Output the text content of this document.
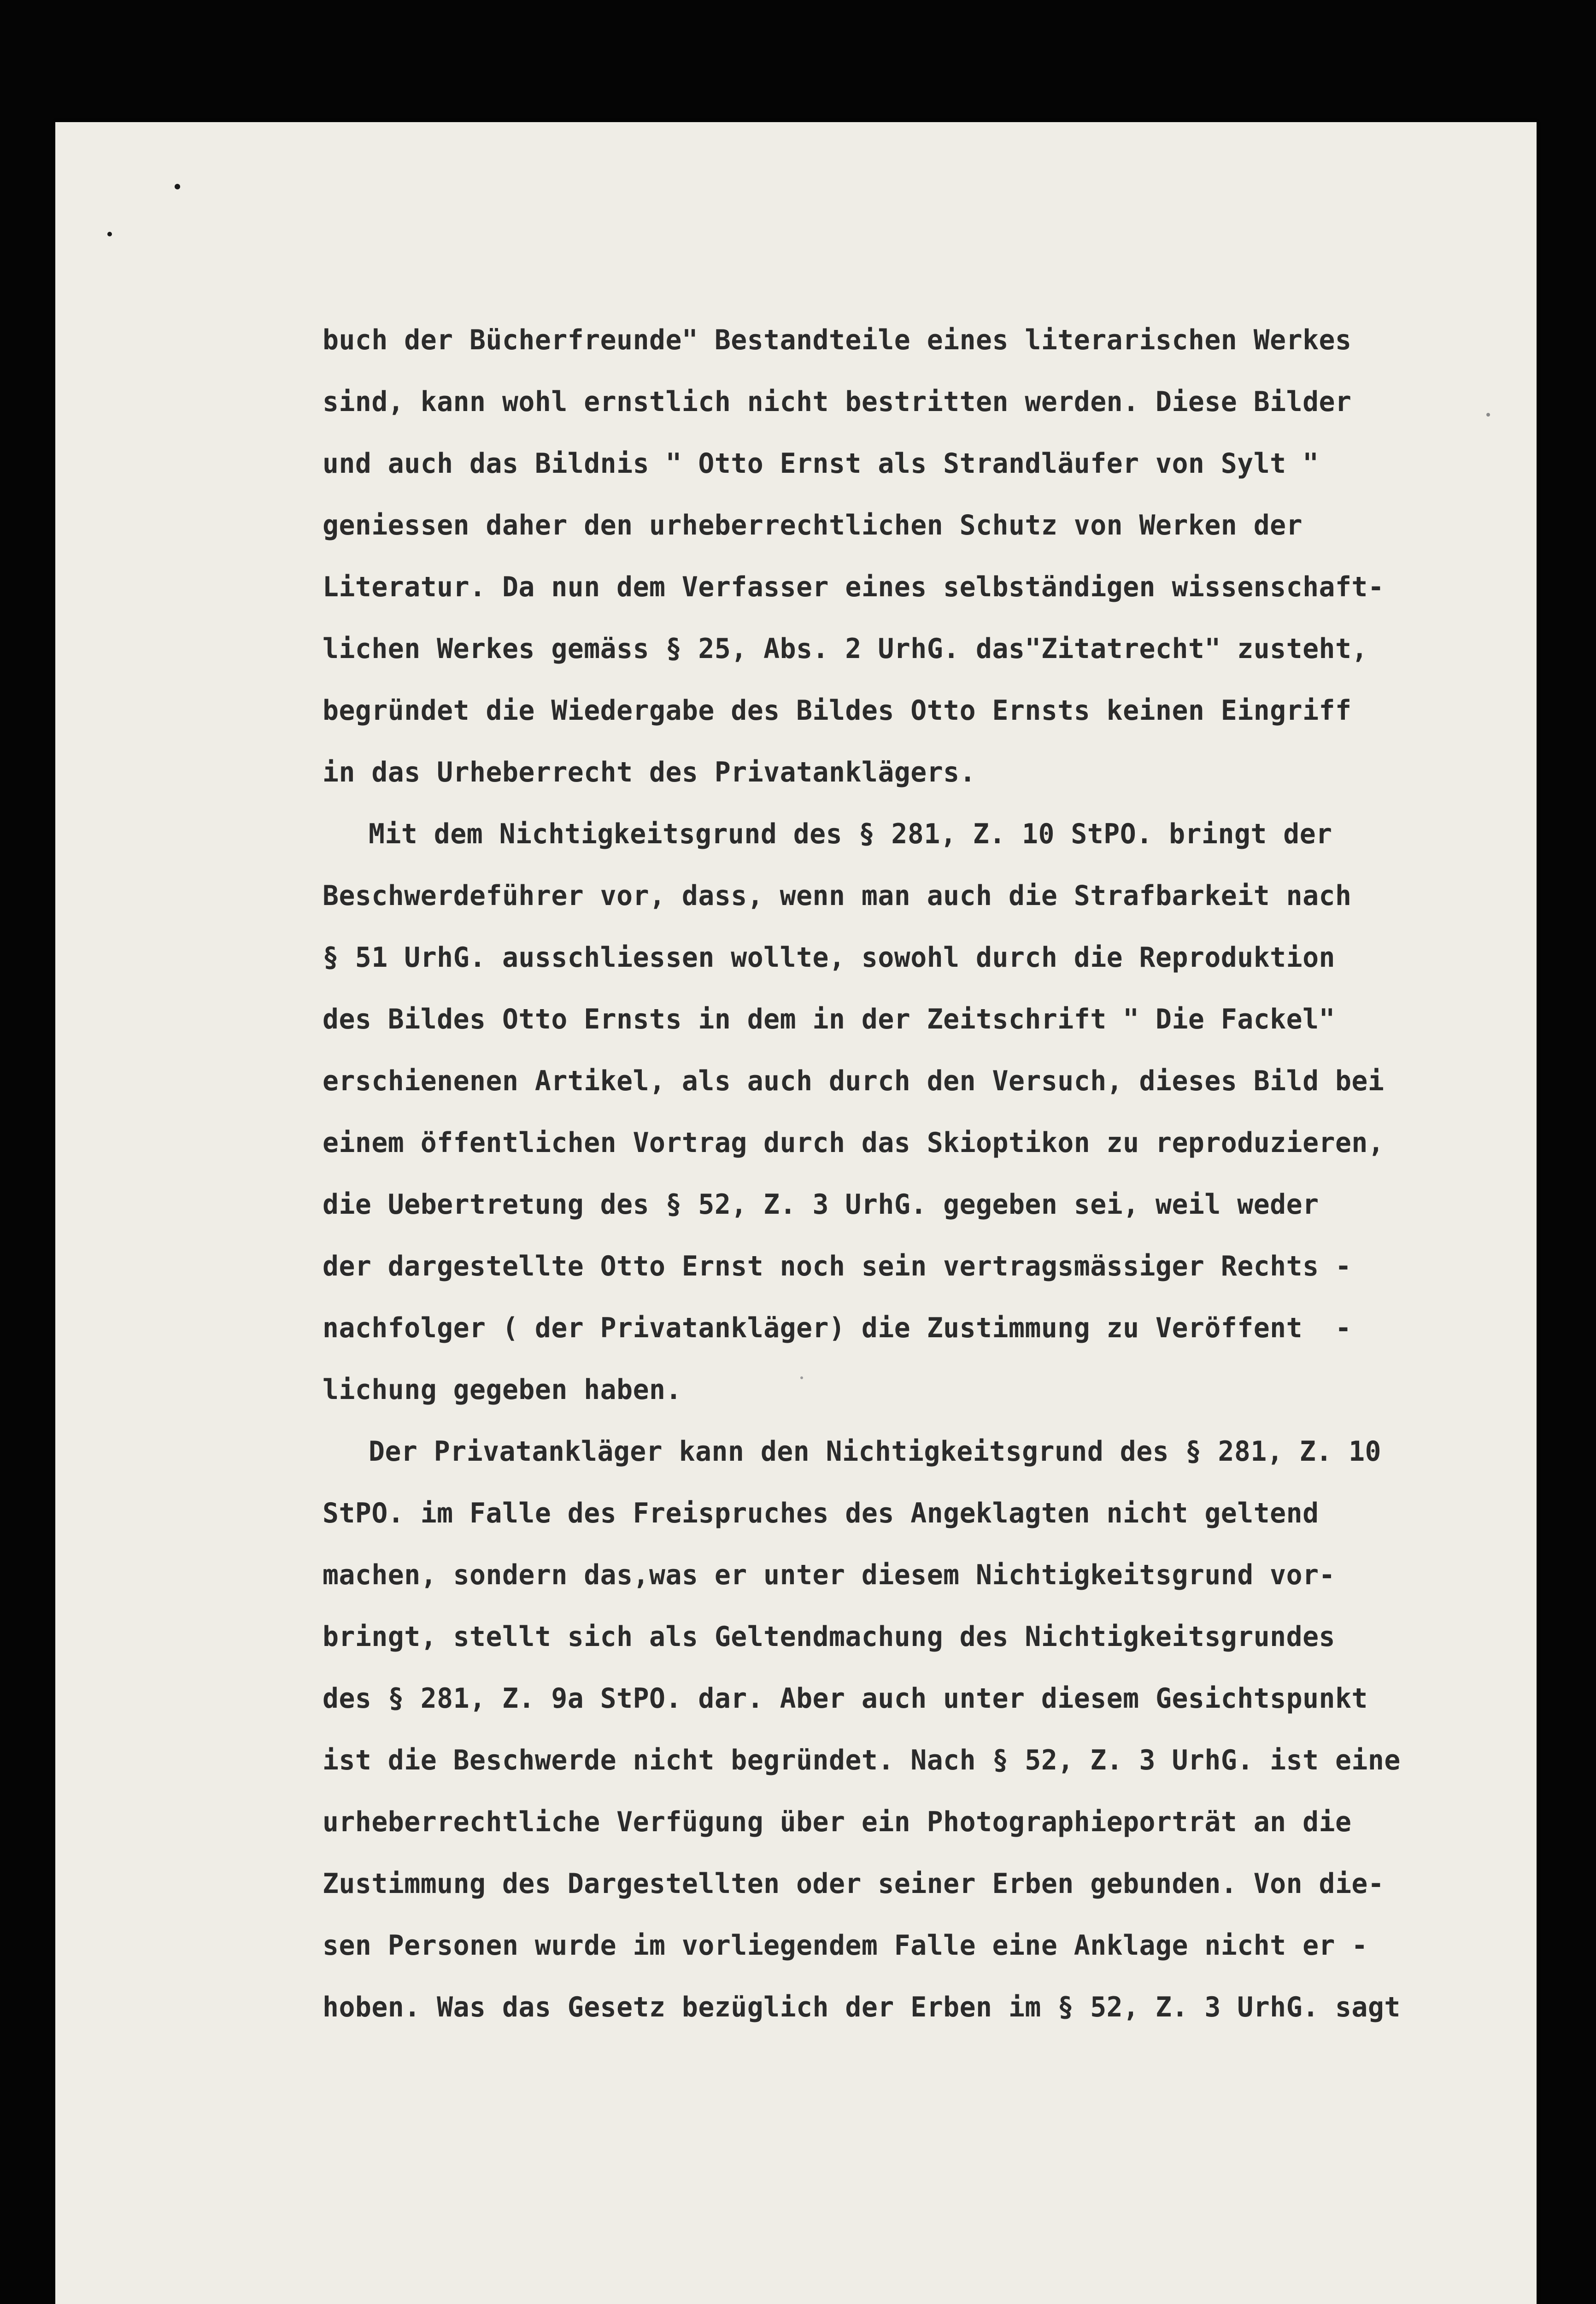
buch der Bücherfreunde" Bestandteile eines literarischen Werkes
sind, kann wohl ernstlich nicht bestritten werden. Diese Bilder
und auch das Bildnis " Otto Ernst als Strandläufer von Sylt "
geniessen daher den urheberrechtlichen Schutz von Werken der
Literatur. Da nun dem Verfasser eines selbständigen wissenschaft-
lichen Werkes gemäss § 25, Abs. 2 UrhG. das"Zitatrecht" zusteht,
begründet die Wiedergabe des Bildes Otto Ernsts keinen Eingriff
in das Urheberrecht des Privatanklägers.
Mit dem Nichtigkeitsgrund des § 281, Z. 10 StPO. bringt der
Beschwerdeführer vor, dass, wenn man auch die Strafbarkeit nach
§ 51 UrhG. ausschliessen wollte, sowohl durch die Reproduktion
des Bildes Otto Ernsts in dem in der Zeitschrift " Die Fackel"
erschienenen Artikel, als auch durch den Versuch, dieses Bild bei
einem öffentlichen Vortrag durch das Skioptikon zu reproduzieren,
die Uebertretung des § 52, Z. 3 UrhG. gegeben sei, weil weder
der dargestellte Otto Ernst noch sein vertragsmässiger Rechts -
nachfolger ( der Privatankläger) die Zustimmung zu Veröffent  -
lichung gegeben haben.
Der Privatankläger kann den Nichtigkeitsgrund des § 281, Z. 10
StPO. im Falle des Freispruches des Angeklagten nicht geltend
machen, sondern das,was er unter diesem Nichtigkeitsgrund vor-
bringt, stellt sich als Geltendmachung des Nichtigkeitsgrundes
des § 281, Z. 9a StPO. dar. Aber auch unter diesem Gesichtspunkt
ist die Beschwerde nicht begründet. Nach § 52, Z. 3 UrhG. ist eine
urheberrechtliche Verfügung über ein Photographieporträt an die
Zustimmung des Dargestellten oder seiner Erben gebunden. Von die-
sen Personen wurde im vorliegendem Falle eine Anklage nicht er -
hoben. Was das Gesetz bezüglich der Erben im § 52, Z. 3 UrhG. sagt
